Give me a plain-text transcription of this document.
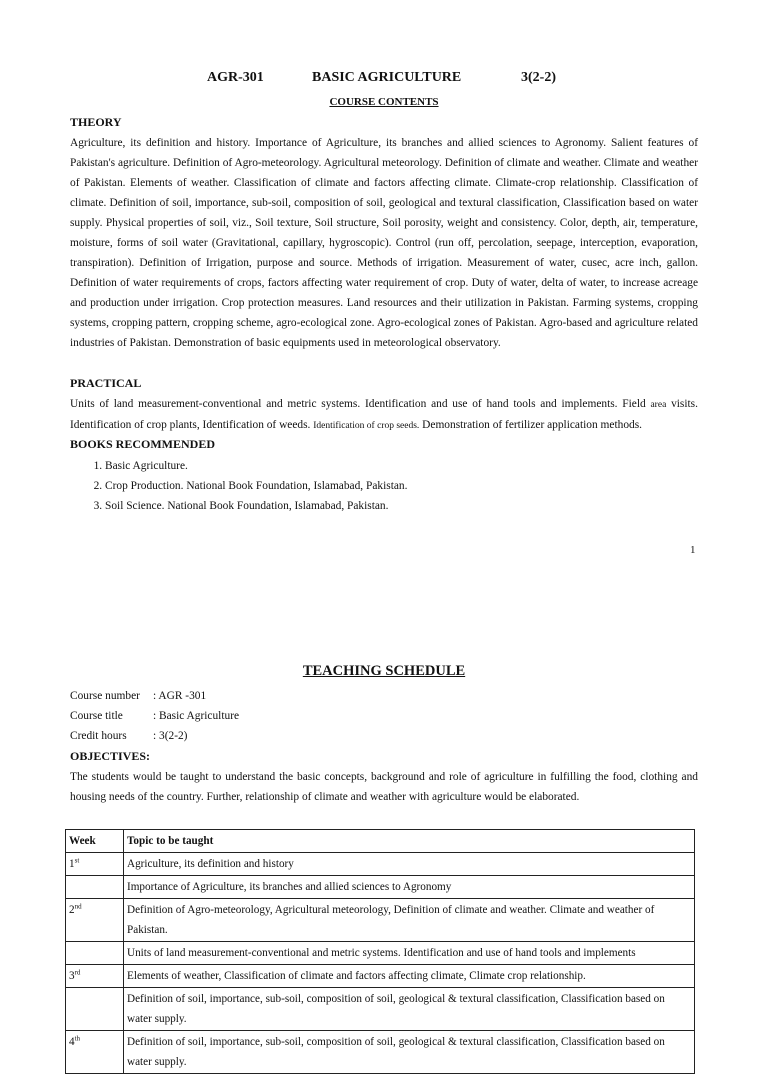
AGR-301	BASIC AGRICULTURE	3(2-2)
COURSE CONTENTS
THEORY
Agriculture, its definition and history. Importance of Agriculture, its branches and allied sciences to Agronomy. Salient features of Pakistan's agriculture. Definition of Agro-meteorology. Agricultural meteorology. Definition of climate and weather. Climate and weather of Pakistan. Elements of weather. Classification of climate and factors affecting climate. Climate-crop relationship. Classification of climate. Definition of soil, importance, sub-soil, composition of soil, geological and textural classification, Classification based on water supply. Physical properties of soil, viz., Soil texture, Soil structure, Soil porosity, weight and consistency. Color, depth, air, temperature, moisture, forms of soil water (Gravitational, capillary, hygroscopic). Control (run off, percolation, seepage, interception, evaporation, transpiration). Definition of Irrigation, purpose and source. Methods of irrigation. Measurement of water, cusec, acre inch, gallon. Definition of water requirements of crops, factors affecting water requirement of crop. Duty of water, delta of water, to increase acreage and production under irrigation. Crop protection measures. Land resources and their utilization in Pakistan. Farming systems, cropping systems, cropping pattern, cropping scheme, agro-ecological zone. Agro-ecological zones of Pakistan. Agro-based and agriculture related industries of Pakistan. Demonstration of basic equipments used in meteorological observatory.
PRACTICAL
Units of land measurement-conventional and metric systems. Identification and use of hand tools and implements. Field area visits. Identification of crop plants, Identification of weeds. Identification of crop seeds. Demonstration of fertilizer application methods.
BOOKS RECOMMENDED
1. Basic Agriculture.
2. Crop Production. National Book Foundation, Islamabad, Pakistan.
3. Soil Science. National Book Foundation, Islamabad, Pakistan.
1
TEACHING SCHEDULE
Course number : AGR -301
Course title	: Basic Agriculture
Credit hours : 3(2-2)
OBJECTIVES:
The students would be taught to understand the basic concepts, background and role of agriculture in fulfilling the food, clothing and housing needs of the country. Further, relationship of climate and weather with agriculture would be elaborated.
Week	Topic to be taught
1st	Agriculture, its definition and history
	Importance of Agriculture, its branches and allied sciences to Agronomy
2nd	Definition of Agro-meteorology, Agricultural meteorology, Definition of climate and weather. Climate and weather of Pakistan.
	Units of land measurement-conventional and metric systems. Identification and use of hand tools and implements
3rd	Elements of weather, Classification of climate and factors affecting climate, Climate crop relationship.
	Definition of soil, importance, sub-soil, composition of soil, geological & textural classification, Classification based on water supply.
4th	Definition of soil, importance, sub-soil, composition of soil, geological & textural classification, Classification based on water supply.
